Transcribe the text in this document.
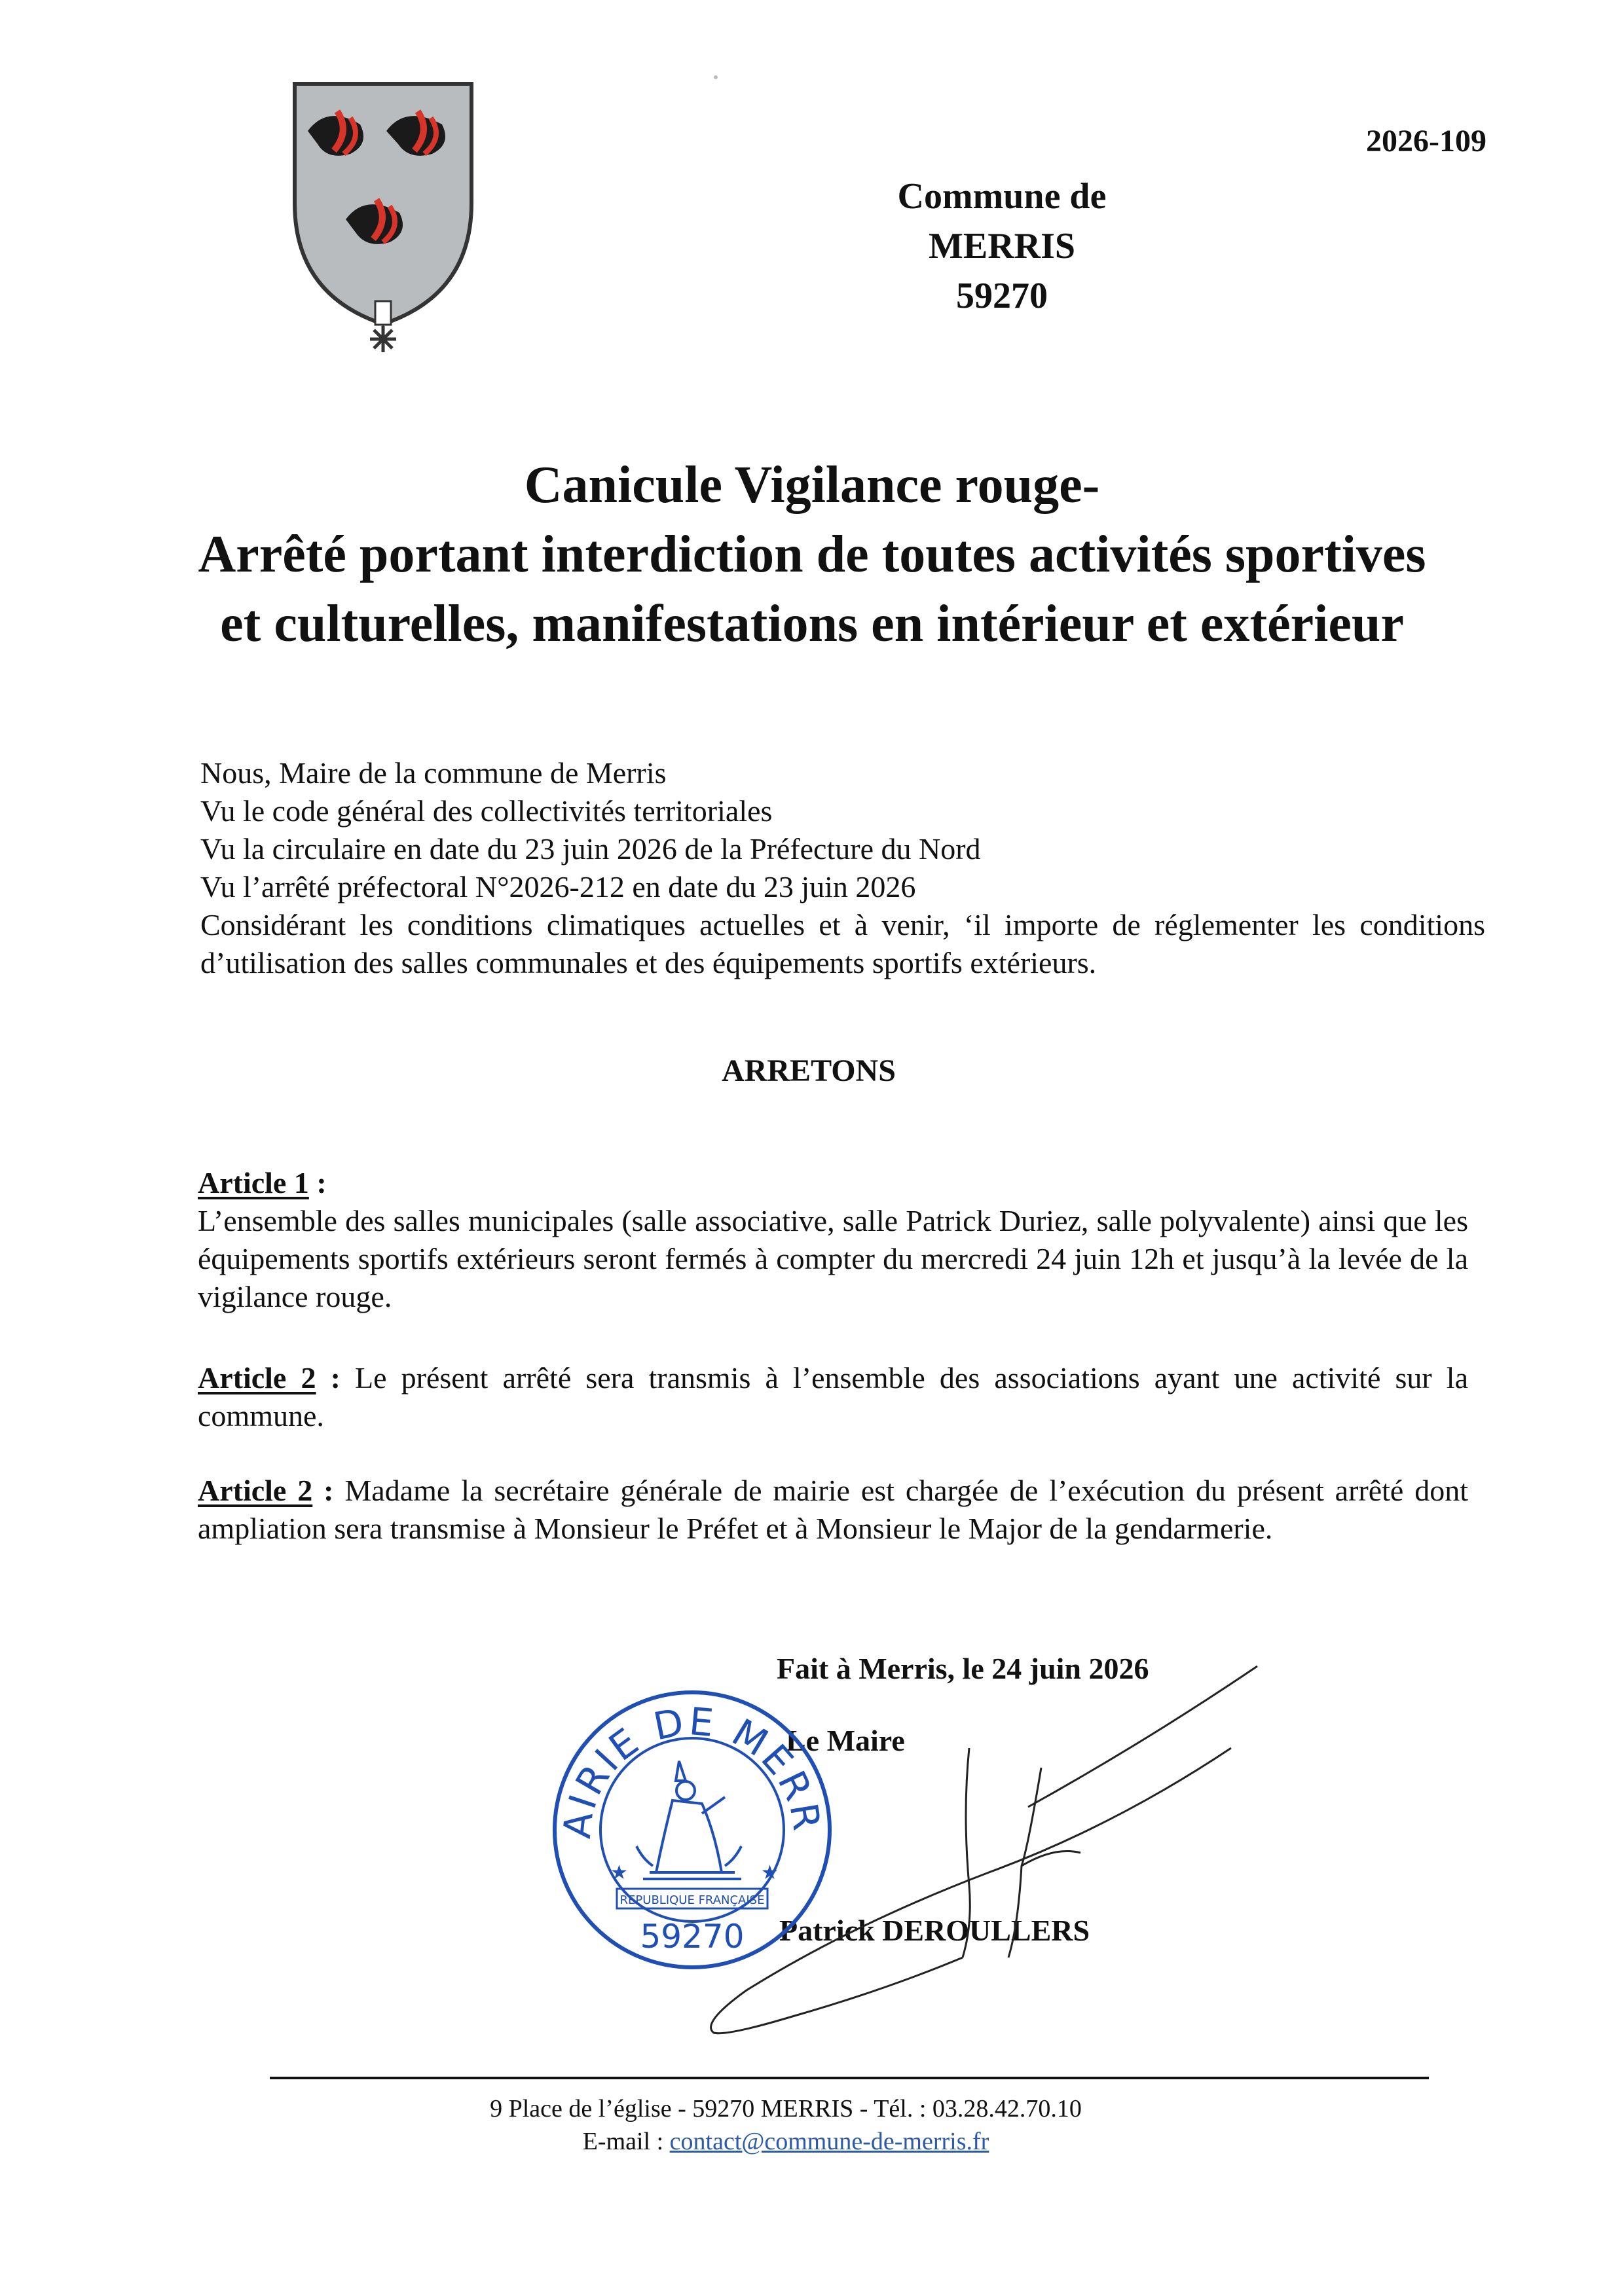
2026-109
Commune de MERRIS
59270
Canicule Vigilance rouge-
Arrêté portant interdiction de toutes activités sportives
et culturelles, manifestations en intérieur et extérieur
Nous, Maire de la commune de Merris
Vu le code général des collectivités territoriales
Vu la circulaire en date du 23 juin 2026 de la Préfecture du Nord
Vu l’arrêté préfectoral N°2026-212 en date du 23 juin 2026
Considérant les conditions climatiques actuelles et à venir, ‘il importe de réglementer les conditions d’utilisation des salles communales et des équipements sportifs extérieurs.
ARRETONS
Article 1 :
L’ensemble des salles municipales (salle associative, salle Patrick Duriez, salle polyvalente) ainsi que les équipements sportifs extérieurs seront fermés à compter du mercredi 24 juin 12h et jusqu’à la levée de la vigilance rouge.
Article 2 : Le présent arrêté sera transmis à l’ensemble des associations ayant une activité sur la commune.
Article 2 : Madame la secrétaire générale de mairie est chargée de l’exécution du présent arrêté dont ampliation sera transmise à Monsieur le Préfet et à Monsieur le Major de la gendarmerie.
Fait à Merris, le 24 juin 2026
Le Maire
Patrick DEROULLERS
AIRIE DE MERR
★	★
REPUBLIQUE FRANÇAISE
59270
9 Place de l’église - 59270 MERRIS - Tél. : 03.28.42.70.10
E-mail : contact@commune-de-merris.fr
